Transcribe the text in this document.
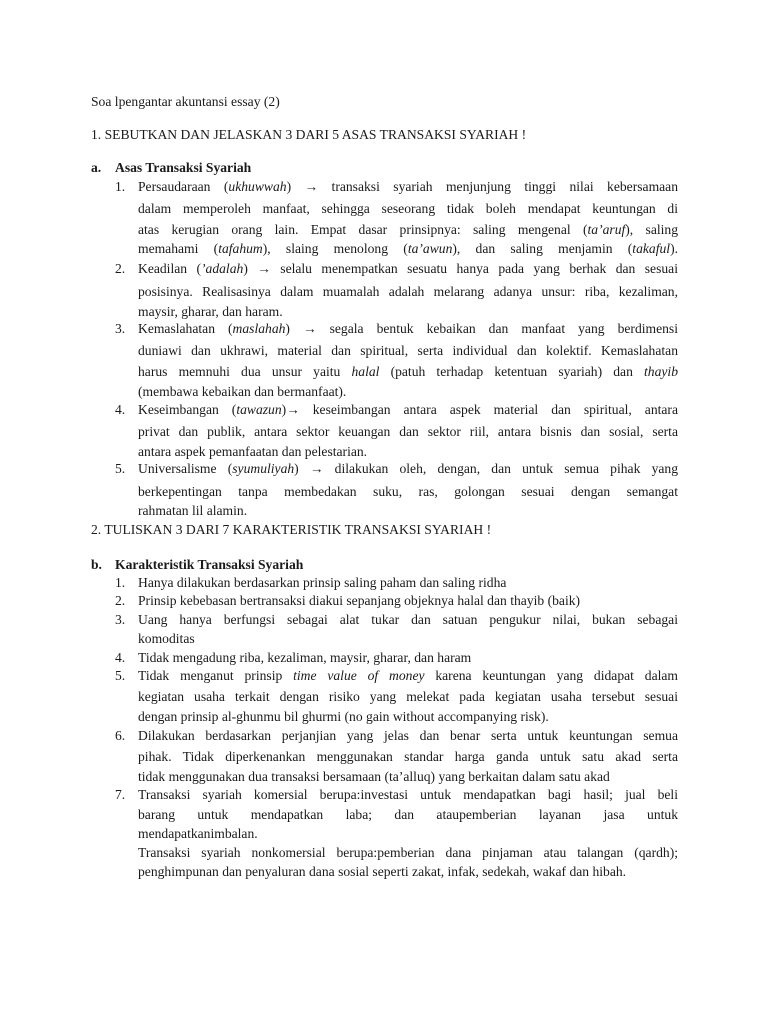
Soa lpengantar akuntansi essay (2)
1. SEBUTKAN DAN JELASKAN 3 DARI 5 ASAS TRANSAKSI SYARIAH !
a. Asas Transaksi Syariah
1. Persaudaraan (ukhuwwah) → transaksi syariah menjunjung tinggi nilai kebersamaan
dalam memperoleh manfaat, sehingga seseorang tidak boleh mendapat keuntungan di
atas kerugian orang lain. Empat dasar prinsipnya: saling mengenal (ta’aruf), saling
memahami (tafahum), slaing menolong (ta’awun), dan saling menjamin (takaful).
2. Keadilan (’adalah) → selalu menempatkan sesuatu hanya pada yang berhak dan sesuai
posisinya. Realisasinya dalam muamalah adalah melarang adanya unsur: riba, kezaliman,
maysir, gharar, dan haram.
3. Kemaslahatan (maslahah) → segala bentuk kebaikan dan manfaat yang berdimensi
duniawi dan ukhrawi, material dan spiritual, serta individual dan kolektif. Kemaslahatan
harus memnuhi dua unsur yaitu halal (patuh terhadap ketentuan syariah) dan thayib
(membawa kebaikan dan bermanfaat).
4. Keseimbangan (tawazun)→ keseimbangan antara aspek material dan spiritual, antara
privat dan publik, antara sektor keuangan dan sektor riil, antara bisnis dan sosial, serta
antara aspek pemanfaatan dan pelestarian.
5. Universalisme (syumuliyah) → dilakukan oleh, dengan, dan untuk semua pihak yang
berkepentingan tanpa membedakan suku, ras, golongan sesuai dengan semangat
rahmatan lil alamin.
2. TULISKAN 3 DARI 7 KARAKTERISTIK TRANSAKSI SYARIAH !
b. Karakteristik Transaksi Syariah
1. Hanya dilakukan berdasarkan prinsip saling paham dan saling ridha
2. Prinsip kebebasan bertransaksi diakui sepanjang objeknya halal dan thayib (baik)
3. Uang hanya berfungsi sebagai alat tukar dan satuan pengukur nilai, bukan sebagai
komoditas
4. Tidak mengadung riba, kezaliman, maysir, gharar, dan haram
5. Tidak menganut prinsip time value of money karena keuntungan yang didapat dalam
kegiatan usaha terkait dengan risiko yang melekat pada kegiatan usaha tersebut sesuai
dengan prinsip al-ghunmu bil ghurmi (no gain without accompanying risk).
6. Dilakukan berdasarkan perjanjian yang jelas dan benar serta untuk keuntungan semua
pihak. Tidak diperkenankan menggunakan standar harga ganda untuk satu akad serta
tidak menggunakan dua transaksi bersamaan (ta’alluq) yang berkaitan dalam satu akad
7. Transaksi syariah komersial berupa:investasi untuk mendapatkan bagi hasil; jual beli
barang untuk mendapatkan laba; dan ataupemberian layanan jasa untuk
mendapatkanimbalan.
Transaksi syariah nonkomersial berupa:pemberian dana pinjaman atau talangan (qardh);
penghimpunan dan penyaluran dana sosial seperti zakat, infak, sedekah, wakaf dan hibah.
